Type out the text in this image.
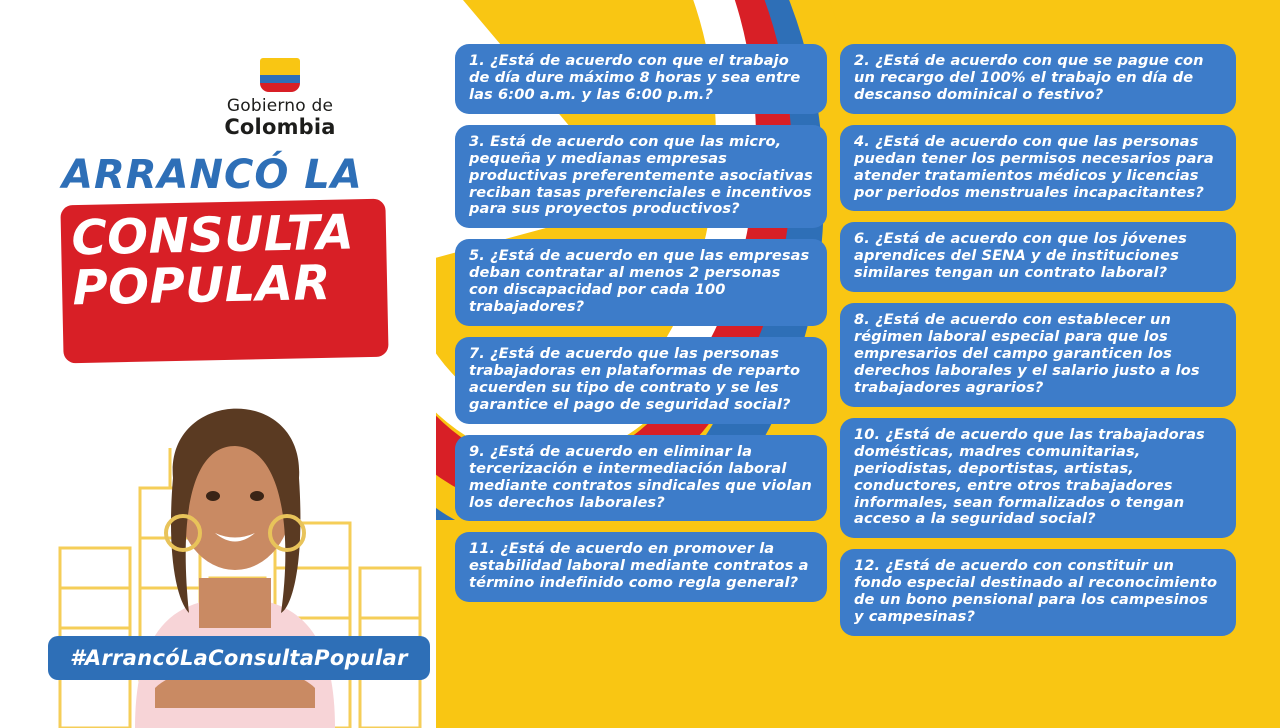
Gobierno de
Colombia
ARRANCÓ LA
CONSULTA
POPULAR
#ArrancóLaConsultaPopular
1. ¿Está de acuerdo con que el trabajo de día dure máximo 8 horas y sea entre las 6:00 a.m. y las 6:00 p.m.?
3. Está de acuerdo con que las micro, pequeña y medianas empresas productivas preferentemente asociativas reciban tasas preferenciales e incentivos para sus proyectos productivos?
5. ¿Está de acuerdo en que las empresas deban contratar al menos 2 personas con discapacidad por cada 100 trabajadores?
7. ¿Está de acuerdo que las personas trabajadoras en plataformas de reparto acuerden su tipo de contrato y se les garantice el pago de seguridad social?
9. ¿Está de acuerdo en eliminar la tercerización e intermediación laboral mediante contratos sindicales que violan los derechos laborales?
11. ¿Está de acuerdo en promover la estabilidad laboral mediante contratos a término indefinido como regla general?
2. ¿Está de acuerdo con que se pague con un recargo del 100% el trabajo en día de descanso dominical o festivo?
4. ¿Está de acuerdo con que las personas puedan tener los permisos necesarios para atender tratamientos médicos y licencias por periodos menstruales incapacitantes?
6. ¿Está de acuerdo con que los jóvenes aprendices del SENA y de instituciones similares tengan un contrato laboral?
8. ¿Está de acuerdo con establecer un régimen laboral especial para que los empresarios del campo garanticen los derechos laborales y el salario justo a los trabajadores agrarios?
10. ¿Está de acuerdo que las trabajadoras domésticas, madres comunitarias, periodistas, deportistas, artistas, conductores, entre otros trabajadores informales, sean formalizados o tengan acceso a la seguridad social?
12. ¿Está de acuerdo con constituir un fondo especial destinado al reconocimiento de un bono pensional para los campesinos y campesinas?
